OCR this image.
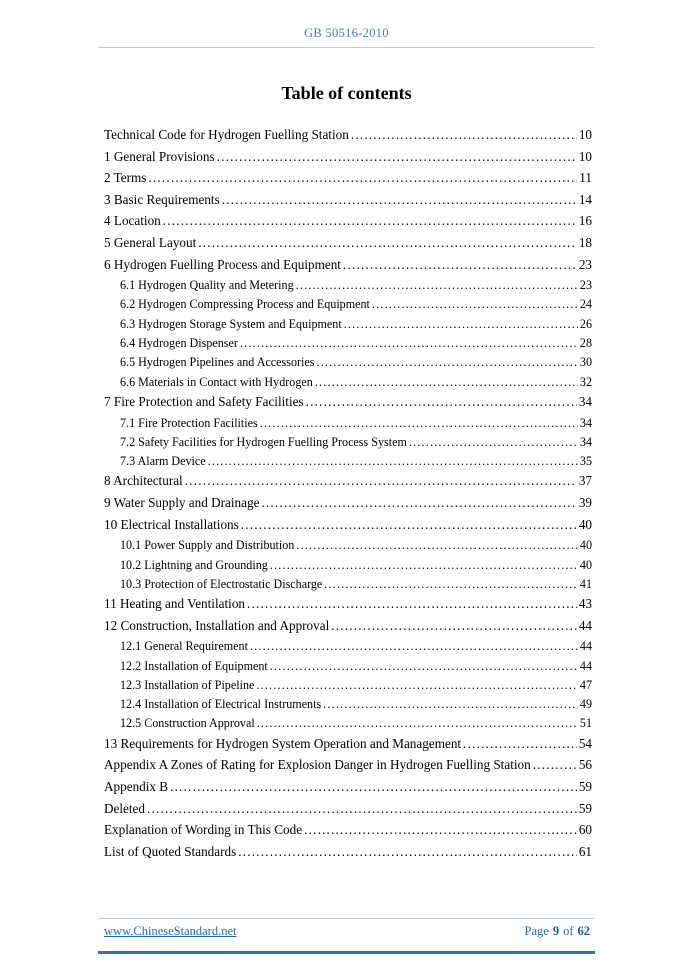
GB 50516-2010
Table of contents
Technical Code for Hydrogen Fuelling Station .....	10
1 General Provisions .....	10
2 Terms .....	11
3 Basic Requirements .....	14
4 Location .....	16
5 General Layout .....	18
6 Hydrogen Fuelling Process and Equipment .....	23
6.1 Hydrogen Quality and Metering .....	23
6.2 Hydrogen Compressing Process and Equipment .....	24
6.3 Hydrogen Storage System and Equipment .....	26
6.4 Hydrogen Dispenser .....	28
6.5 Hydrogen Pipelines and Accessories .....	30
6.6 Materials in Contact with Hydrogen .....	32
7 Fire Protection and Safety Facilities .....	34
7.1 Fire Protection Facilities .....	34
7.2 Safety Facilities for Hydrogen Fuelling Process System .....	34
7.3 Alarm Device .....	35
8 Architectural .....	37
9 Water Supply and Drainage .....	39
10 Electrical Installations .....	40
10.1 Power Supply and Distribution .....	40
10.2 Lightning and Grounding .....	40
10.3 Protection of Electrostatic Discharge .....	41
11 Heating and Ventilation .....	43
12 Construction, Installation and Approval .....	44
12.1 General Requirement .....	44
12.2 Installation of Equipment .....	44
12.3 Installation of Pipeline .....	47
12.4 Installation of Electrical Instruments .....	49
12.5 Construction Approval .....	51
13 Requirements for Hydrogen System Operation and Management .....	54
Appendix A Zones of Rating for Explosion Danger in Hydrogen Fuelling Station .....	56
Appendix B .....	59
Deleted .....	59
Explanation of Wording in This Code .....	60
List of Quoted Standards .....	61
www.ChineseStandard.net	Page 9 of 62
